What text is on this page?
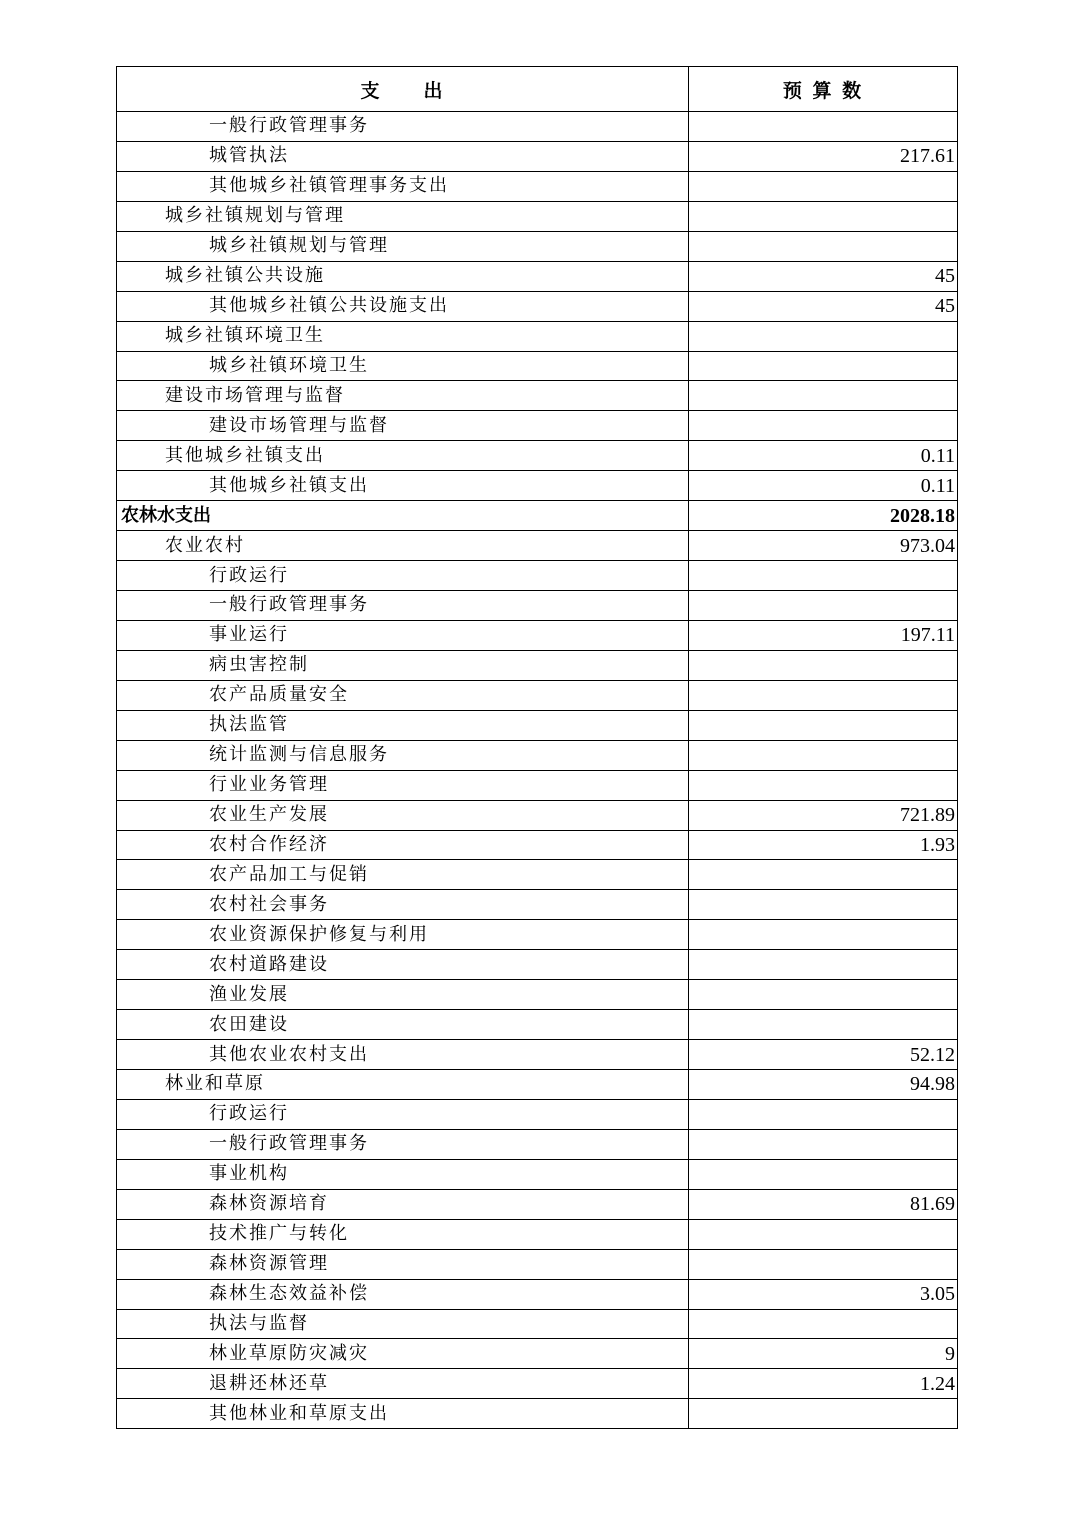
支　　出	预 算 数
一般行政管理事务	
城管执法	217.61
其他城乡社镇管理事务支出	
城乡社镇规划与管理	
城乡社镇规划与管理	
城乡社镇公共设施	45
其他城乡社镇公共设施支出	45
城乡社镇环境卫生	
城乡社镇环境卫生	
建设市场管理与监督	
建设市场管理与监督	
其他城乡社镇支出	0.11
其他城乡社镇支出	0.11
农林水支出	2028.18
农业农村	973.04
行政运行	
一般行政管理事务	
事业运行	197.11
病虫害控制	
农产品质量安全	
执法监管	
统计监测与信息服务	
行业业务管理	
农业生产发展	721.89
农村合作经济	1.93
农产品加工与促销	
农村社会事务	
农业资源保护修复与利用	
农村道路建设	
渔业发展	
农田建设	
其他农业农村支出	52.12
林业和草原	94.98
行政运行	
一般行政管理事务	
事业机构	
森林资源培育	81.69
技术推广与转化	
森林资源管理	
森林生态效益补偿	3.05
执法与监督	
林业草原防灾减灾	9
退耕还林还草	1.24
其他林业和草原支出	
